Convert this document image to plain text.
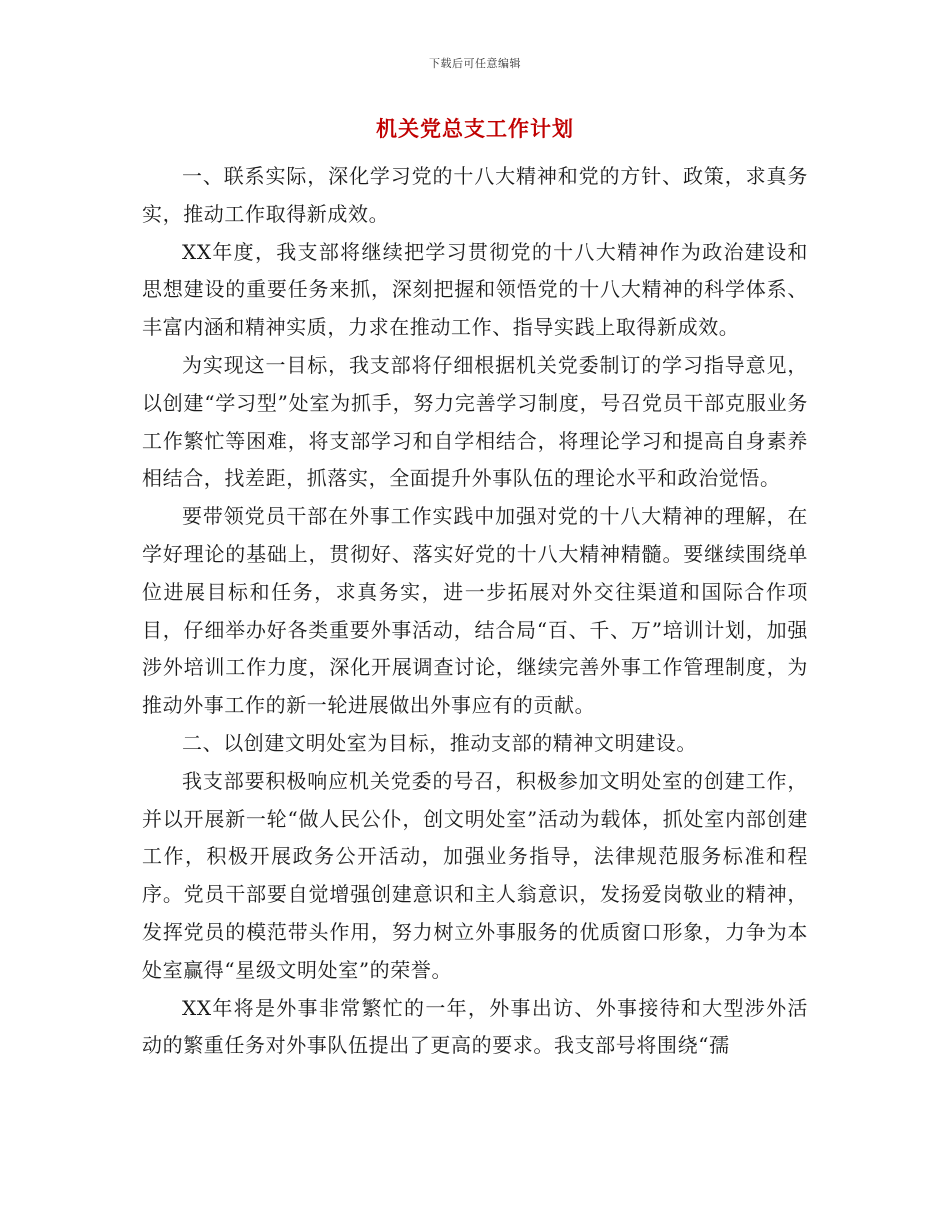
下载后可任意编辑
机关党总支工作计划

一、联系实际，深化学习党的十八大精神和党的方针、政策，求真务实，推动工作取得新成效。

XX年度，我支部将继续把学习贯彻党的十八大精神作为政治建设和思想建设的重要任务来抓，深刻把握和领悟党的十八大精神的科学体系、丰富内涵和精神实质，力求在推动工作、指导实践上取得新成效。

为实现这一目标，我支部将仔细根据机关党委制订的学习指导意见，以创建“学习型”处室为抓手，努力完善学习制度，号召党员干部克服业务工作繁忙等困难，将支部学习和自学相结合，将理论学习和提高自身素养相结合，找差距，抓落实，全面提升外事队伍的理论水平和政治觉悟。

要带领党员干部在外事工作实践中加强对党的十八大精神的理解，在学好理论的基础上，贯彻好、落实好党的十八大精神精髓。要继续围绕单位进展目标和任务，求真务实，进一步拓展对外交往渠道和国际合作项目，仔细举办好各类重要外事活动，结合局“百、千、万”培训计划，加强涉外培训工作力度，深化开展调查讨论，继续完善外事工作管理制度，为推动外事工作的新一轮进展做出外事应有的贡献。

二、以创建文明处室为目标，推动支部的精神文明建设。

我支部要积极响应机关党委的号召，积极参加文明处室的创建工作，并以开展新一轮“做人民公仆，创文明处室”活动为载体，抓处室内部创建工作，积极开展政务公开活动，加强业务指导，法律规范服务标准和程序。党员干部要自觉增强创建意识和主人翁意识，发扬爱岗敬业的精神，发挥党员的模范带头作用，努力树立外事服务的优质窗口形象，力争为本处室赢得“星级文明处室”的荣誉。

XX年将是外事非常繁忙的一年，外事出访、外事接待和大型涉外活动的繁重任务对外事队伍提出了更高的要求。我支部号将围绕“孺
